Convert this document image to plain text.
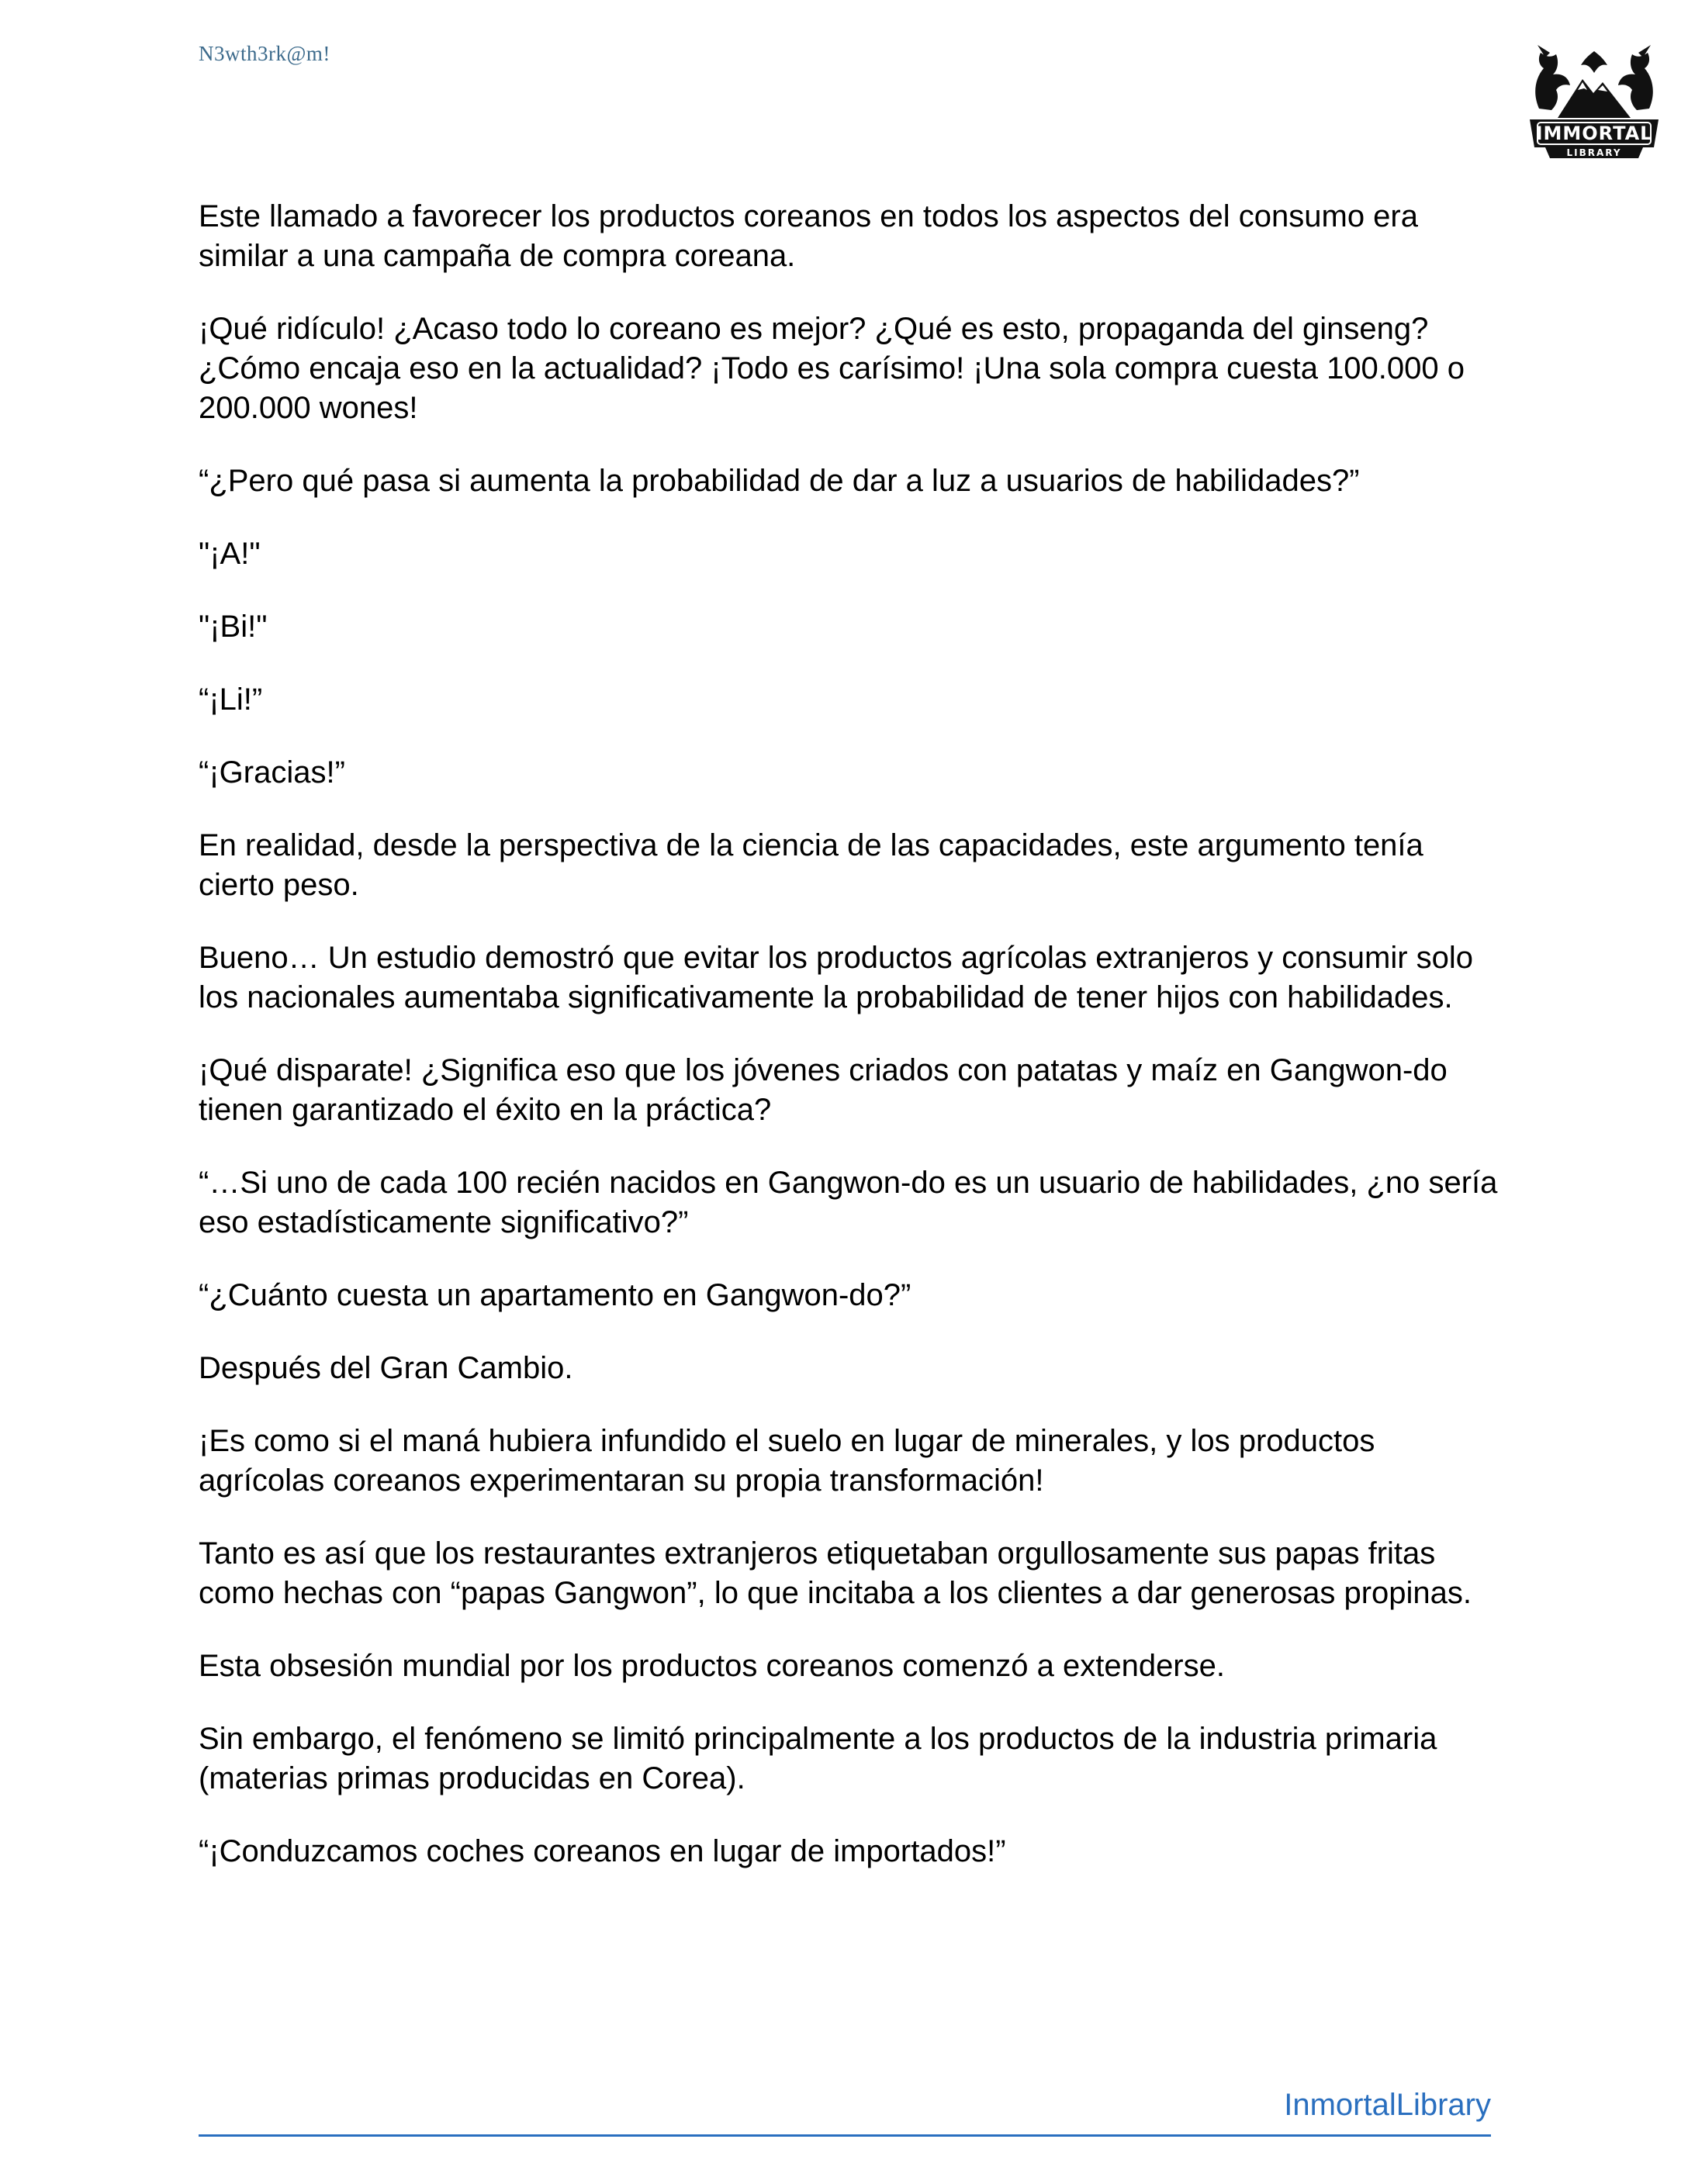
N3wth3rk@m!
IMMORTAL
LIBRARY

Este llamado a favorecer los productos coreanos en todos los aspectos del consumo era similar a una campaña de compra coreana.

¡Qué ridículo! ¿Acaso todo lo coreano es mejor? ¿Qué es esto, propaganda del ginseng? ¿Cómo encaja eso en la actualidad? ¡Todo es carísimo! ¡Una sola compra cuesta 100.000 o 200.000 wones!

“¿Pero qué pasa si aumenta la probabilidad de dar a luz a usuarios de habilidades?”

"¡A!"

"¡Bi!"

“¡Li!”

“¡Gracias!”

En realidad, desde la perspectiva de la ciencia de las capacidades, este argumento tenía cierto peso.

Bueno… Un estudio demostró que evitar los productos agrícolas extranjeros y consumir solo los nacionales aumentaba significativamente la probabilidad de tener hijos con habilidades.

¡Qué disparate! ¿Significa eso que los jóvenes criados con patatas y maíz en Gangwon-do tienen garantizado el éxito en la práctica?

“…Si uno de cada 100 recién nacidos en Gangwon-do es un usuario de habilidades, ¿no sería eso estadísticamente significativo?”

“¿Cuánto cuesta un apartamento en Gangwon-do?”

Después del Gran Cambio.

¡Es como si el maná hubiera infundido el suelo en lugar de minerales, y los productos agrícolas coreanos experimentaran su propia transformación!

Tanto es así que los restaurantes extranjeros etiquetaban orgullosamente sus papas fritas como hechas con “papas Gangwon”, lo que incitaba a los clientes a dar generosas propinas.

Esta obsesión mundial por los productos coreanos comenzó a extenderse.

Sin embargo, el fenómeno se limitó principalmente a los productos de la industria primaria (materias primas producidas en Corea).

“¡Conduzcamos coches coreanos en lugar de importados!”

InmortalLibrary
